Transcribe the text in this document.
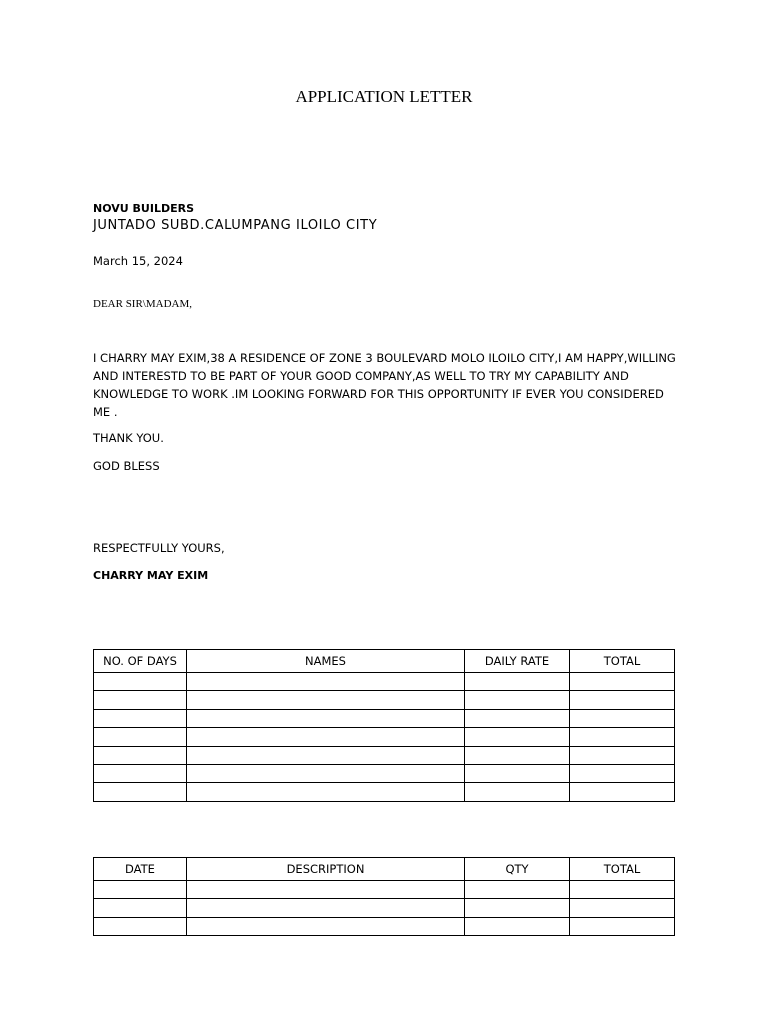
APPLICATION LETTER
NOVU BUILDERS
JUNTADO SUBD.CALUMPANG ILOILO CITY
March 15, 2024
DEAR SIR\MADAM,
I CHARRY MAY EXIM,38 A RESIDENCE OF ZONE 3 BOULEVARD MOLO ILOILO CITY,I AM HAPPY,WILLING AND INTERESTD TO BE PART OF YOUR GOOD COMPANY,AS WELL TO TRY MY CAPABILITY AND KNOWLEDGE TO WORK .IM LOOKING FORWARD FOR THIS OPPORTUNITY IF EVER YOU CONSIDERED ME .
THANK YOU.
GOD BLESS
RESPECTFULLY YOURS,
CHARRY MAY EXIM
NO. OF DAYS	NAMES	DAILY RATE	TOTAL

DATE	DESCRIPTION	QTY	TOTAL
